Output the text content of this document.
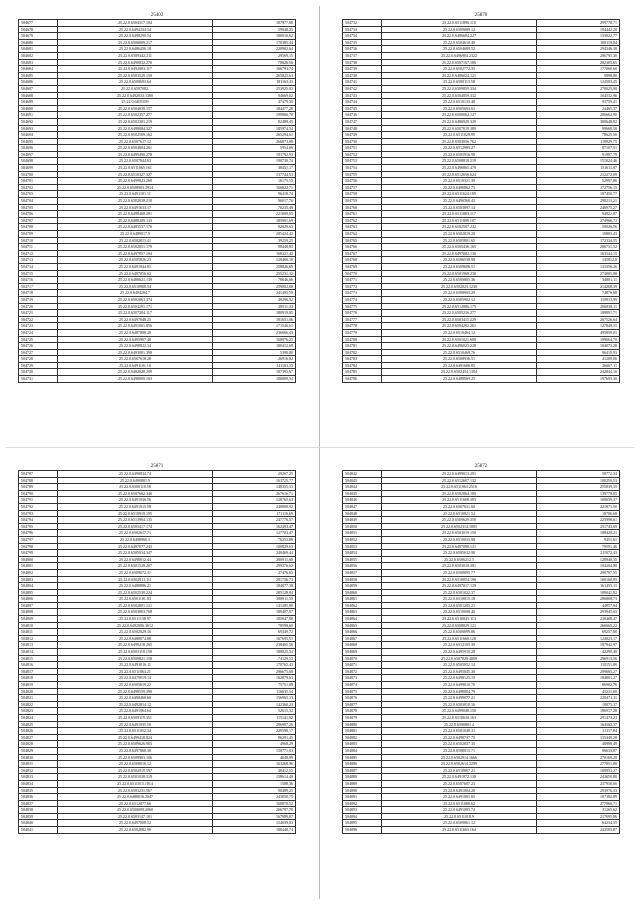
25403
504677	25.22.0.6504317.104	187977,68
504678	25.22.0.6494234.54	59948,25
504679	25.22.0.6498290.54	100010,62
504680	25.22.0.6506809.217	170385,44
504681	25.22.0.6486436.18	220902,64
504682	25.22.0.6509342.211	29569,15
504683	25.22.0.6490832.270	78626,56
504684	25.22.0.6492003.117	166793,74
504685	25.22.0.6503529.150	265825,63
504686	25.22.0.6508693.64	181163,43
504687	25.22.0.6507082.	253925,03
504688	25.22.0.6492033.1380	94669,62
504689	25.22.0.6495359	47479,30
504690	25.22.0.6504039.157	184477,28
504691	25.22.0.6502357.277	199866,78
504692	25.22.0.6502301.219	82488,45
504693	25.22.0.6498084.327	185974,54
504694	25.22.0.6502509.162	265294,61
504695	25.22.0.6507617.12	266873,88
504696	25.22.0.6504804.261	5954,66
504697	25.22.0.6499490.278	191792,93
504698	25.22.0.6507844.63	190730,74
504699	25.22.0.6511065.161	38451,17
504700	25.22.0.6510327.327	137744,53
504701	25.22.0.6499823.260	16175,55
504702	25.22.0.6508903.2914	166822,71
504703	25.22.0.6491101.11	96418,74
504704	25.22.0.6502038.210	96017,76
504705	25.22.0.6491633.17	70235,49
504706	25.22.0.6498468.281	221009,05
504707	25.22.0.6488209.133	185901,69
504708	25.22.0.6485537.176	92029,63
504709	25.22.0.6489017.9	285424,42
504710	25.22.0.6502813.41	39259,25
504711	25.22.0.6502851.179	98448,85
504712	25.22.0.6497857.104	166321,42
504713	25.22.0.6505826.23	129466,18
504714	25.22.0.6491844.81	258826,69
504715	25.22.0.6497056.62	255231,32
504716	25.22.0.6488621.139	78646,66
504717	25.22.0.6510908.54	259002,08
504718	25.22.0.6494204.7	241495,59
504719	25.22.0.6502063.374	49296,52
504720	25.22.0.6504291.171	28511,33
504721	25.22.0.6507204.117	180919,85
504722	25.22.0.6497048.25	181651,06
504723	25.22.0.6491001.856	171546,61
504724	25.22.0.6487808.28	236066,43
504725	25.22.0.6495907.48	168976,25
504726	25.22.0.6498822.34	180412,68
504727	25.22.0.6493001.390	5390,80
504728	25.22.0.6507618.28	26916,82
504729	25.22.0.6491101.10	141163,35
504730	25.22.0.6482028.209	107395,67
504731	25.22.0.6498069.163	186809,54
25870
504732	25.22.0.6511896.110	299778,71
504733	25.22.0.6509089.12	194442,20
504734	25.22.0.6486684.227	133022,77
504735	25.22.0.6504610.40	168119,84
504736	25.22.0.6504609.52	294346,38
504737	25.22.0.6496904.2322	206795,30
504738	25.22.0.6507167.186	282305,65
504739	25.22.0.6502772.35	177060,60
504740	25.22.0.6486024.121	9998,80
504741	25.22.0.6500113.58	124503,45
504742	25.22.0.6509859.334	270025,08
504743	25.22.0.6504859.332	104532,96
504744	25.22.0.6510133.48	93759,41
504745	25.22.0.6505694.61	24465,37
504746	25.22.0.6500062.127	206662,90
504747	25.22.0.6486929.329	300648,82
504748	25.22.0.6507019.389	99668,50
504749	25.22.0.6511029.99	78625,56
504750	25.22.0.6503056.762	118929,75
504751	25.22.0.6512985.27	87107,51
504752	25.22.0.6505916.98	91997,79
504753	25.22.0.6508818.219	151024,46
504754	25.22.0.6496865.479	151611,87
504755	25.22.0.6512656.624	212272,09
504756	25.22.0.6510321.39	52997,86
504757	25.22.0.6490862.75	172756,15
504758	25.22.0.6511624.189	187450,77
504759	25.22.0.6496568.43	298213,21
504760	25.22.0.6503897.14	246975,27
504761	25.22.0.6511883.117	94922,87
504762	25.22.0.6511809.107	274966,72
504763	25.22.0.6502507.232	50026,56
504764	25.22.0.6502819.20	10883,43
504765	25.22.0.6505801.65	172334,55
504766	25.22.0.6505436.165	206731,52
504767	25.22.0.6497682.130	163544,15
504768	25.22.0.6506538.98	145812,8
504769	25.22.0.6509606.51	133356,26
504770	25.22.0.6501968.230	274005,88
504771	25.22.0.6500605.36	34881,11
504772	25.22.0.6502023.1230	214268,39
504773	25.22.0.6508903.29	74876,68
504774	25.22.0.6505902.12	110913,99
504775	25.22.0.6512886.175	206838,11
504776	25.22.0.6505216.277	189891,71
504777	25.22.0.6503415.229	267526,64
504778	25.22.0.6504282.261	127849,15
504779	25.22.0.6510464.12	495859,01
504780	25.22.0.6501021.608	199664,70
504781	25.22.0.6496023.228	104073,28
504782	25.22.0.6510469.76	96419,93
504783	25.22.0.6508936.51	41289,06
504784	25.22.0.6491606.85	26667,11
504785	25.22.0.6502454.1394	242844,16
504786	25.22.0.6488069.25	197695,30
25871
504787	25.22.0.6490834.74	29267,25
504788	25.22.0.6490801.9	163725,77
504789	25.22.0.6500110.58	140355,33
504790	25.22.0.6507662.346	267616,71
504791	25.22.0.6491036.56	128765,63
504792	25.22.0.6491015.58	240808,92
504793	25.22.0.6510919.195	171116,69
504794	25.22.0.6513904.135	247776,57
504795	25.22.0.6503417.174	162493,47
504796	25.22.0.6502617.71	127703,47
504797	25.22.0.6498960.3	76253,89
504798	25.22.0.6497077.243	100829,03
504799	25.22.0.6505934.347	240469,44
504800	25.22.0.6498012.44	280911,68
504801	25.22.0.6501528.207	299376,62
504802	25.22.0.6509072.31	27476,65
504803	25.22.0.6502911.111	281756,73
504804	25.22.0.6488886.21	184077,38
504805	25.22.0.6502538.224	285128,94
504806	25.22.0.6501181.83	108911,59
504807	25.22.0.6502801.121	141285,80
504808	25.22.0.6503863.768	189407,07
504809	25.22.0.6511138.97	185047,88
504810	25.22.0.6492006.3612	78598,60
504811	25.22.0.6502029.16	69349,72
504812	25.22.0.6488074.88	167695,51
504813	25.22.0.6499218.265	238465,56
504814	25.22.0.6503118.158	180025,54
504815	25.22.0.6509821.158	74129,53
504816	25.22.0.6491016.11	170765,43
504817	25.22.0.6511864.21	296675,68
504818	25.22.0.6479019.14	162879,63
504819	25.22.0.6505619.22	75751,89
504820	25.22.0.6498559.390	116635,54
504821	25.22.0.6490460.60	156965,13
504822	25.22.0.6492814.12	142360,23
504823	25.22.0.6491964.64	52615,32
504824	25.22.0.6509119.351	115141,82
504825	25.22.0.6491035.50	296907,26
504826	25.22.0.6511052.34	229598,17
504827	25.22.0.6499418.824	96291,45
504828	25.22.0.6509626.903	4968,29
504829	25.22.0.6497868.30	150771,03
504830	25.22.0.6509903.106	4648,09
504831	25.22.0.6508016.12	163268,96
504832	25.22.0.6502019.597	40412,55
504833	25.22.0.6501038.319	158614,40
504834	25.22.0.6511015.1814	1588,36
504835	25.22.0.6503231.567	90489,25
504836	25.22.0.6488016.2047	243050,75
504837	25.22.0.6512077.66	160870,52
504838	25.22.0.6500009.2060	266797,78
504839	25.22.0.6503147.101	167989,07
504840	25.22.0.6497008.52	154039,83
504841	25.22.0.6502082.90	188448,74
25872
504842	25.22.0.6499013.291	58772,34
504843	25.22.0.6512607.132	100250,53
504844	25.22.0.6511063.2516	255839,35
504845	25.22.0.6502864.100	139778,05
504846	25.22.0.6511608.393	100659,37
504847	25.22.0.6507631.60	221871,50
504848	25.22.0.6510821.54	18706,68
504849	25.22.0.6509629.350	225998,61
504850	25.22.0.6502314.1805	251743,69
504851	25.22.0.6503019.150	188428,21
504852	25.22.0.6510033.98	9451,61
504853	25.22.0.6487090.121	79591,46
504854	25.22.0.6505632.90	211072,43
504855	25.22.0.6506212.5	128940,35
504856	25.22.0.6503018.381	104204,88
504857	25.22.0.6500095.77	290797,55
504858	25.22.0.6510854.196	160160,85
504859	25.22.0.6497017.129	161455,11
504860	25.22.0.6501022.37	189041,82
504861	25.22.0.6510015.18	286808,73
504862	25.22.0.6501205.21	44957,94
504863	25.22.0.6510008.46	293945,63
504864	25.22.0.6510045.113	230408,47
504865	25.22.0.6508829.121	266665,22
504866	25.22.0.6500099.86	69257,80
504867	25.22.0.6511660.128	124023,17
504868	25.22.0.6512105.39	197942,97
504869	25.22.0.6495910.28	42290,48
504870	25.22.0.6507828.4009	296913,56
504871	25.22.0.6505052.14	110151,80
504872	25.22.0.6495045.30	299665,27
504873	25.22.0.6498125.19	184801,27
504874	25.22.0.6499010.70	86902,76
504875	25.22.0.6498004.79	45231,60
504876	25.22.0.6499077.21	228471,11
504877	25.22.0.6503010.16	18075,37
504878	25.22.0.6499048.150	186917,28
504879	25.22.0.6510630.163	291473,23
504880	25.22.0.6500801.4	164562,37
504881	25.22.0.6501048.31	31117,84
504882	25.22.0.6498737.75	135449,28
504883	25.22.0.6502837.35	48998,49
504884	25.22.0.6508013.71	96633,87
504885	25.22.0.6502914.1666	270160,20
504886	25.22.0.6502614.3299	277851,80
504887	25.22.0.6510807.21	100953,27
504888	25.22.0.6491072.138	243650,80
504889	25.22.0.6507607.23	237930,66
504890	25.22.0.6491004.28	293976,33
504891	25.22.0.6491081.65	107382,89
504892	25.22.0.6511088.62	277966,71
504893	25.22.0.6491095.74	31265,62
504894	25.22.0.6511018.9	217095,86
504895	25.22.0.6509861.12	64234,55
504896	25.22.0.6511663.164	243505,87
